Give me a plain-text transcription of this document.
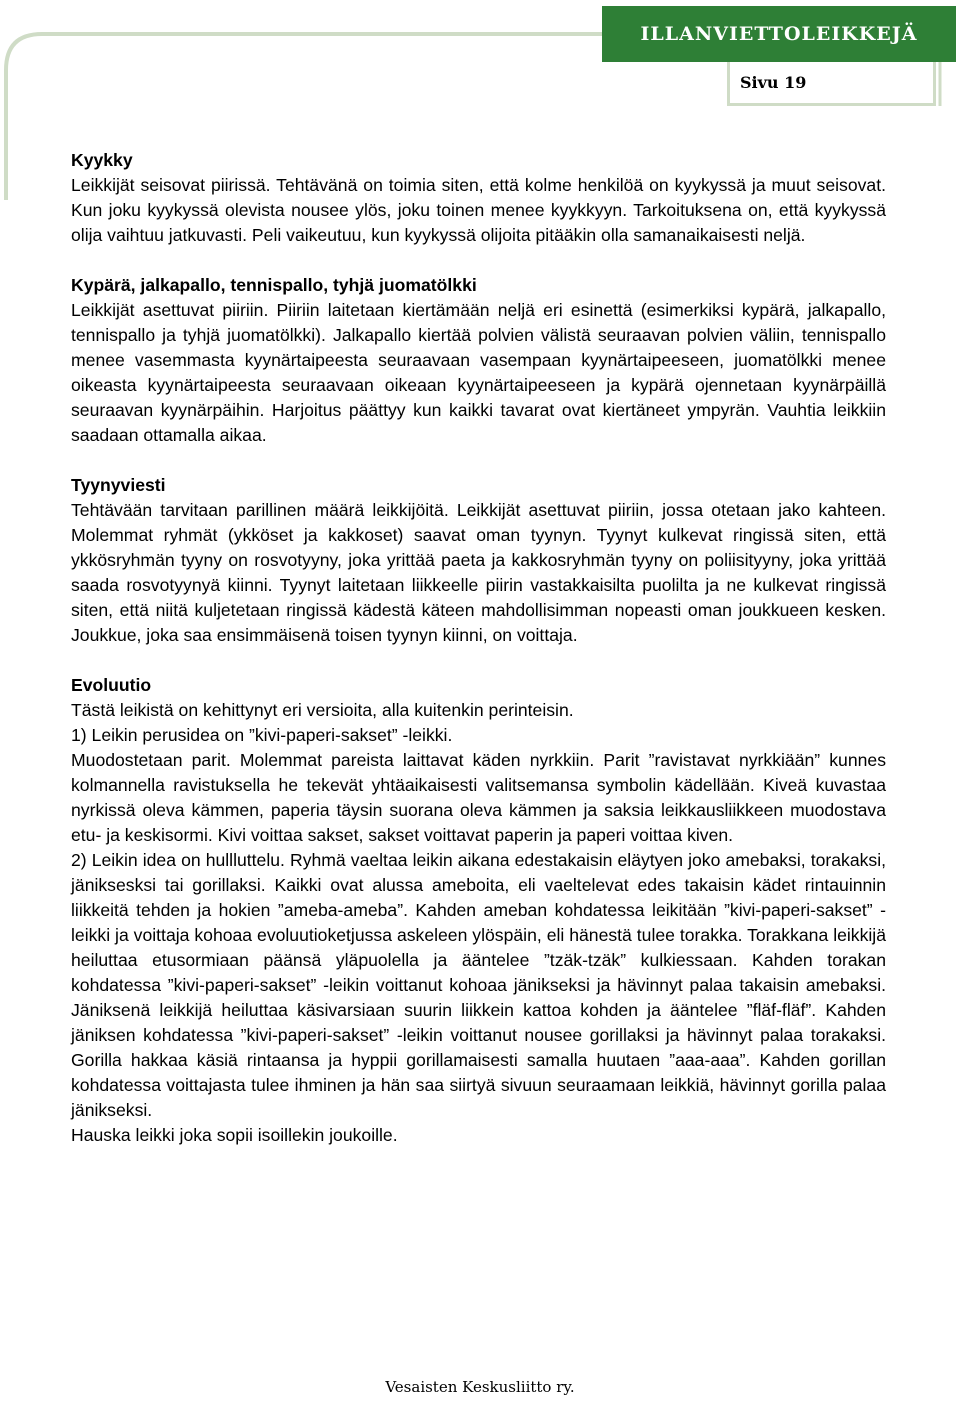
ILLANVIETTOLEIKKEJÄ
Sivu 19
Kyykky

Leikkijät seisovat piirissä. Tehtävänä on toimia siten, että kolme henkilöä on kyykyssä ja muut seisovat. Kun joku kyykyssä olevista nousee ylös, joku toinen menee kyykkyyn. Tarkoituksena on, että kyykyssä olija vaihtuu jatkuvasti. Peli vaikeutuu, kun kyykyssä olijoita pitääkin olla samanaikaisesti neljä.

Kypärä, jalkapallo, tennispallo, tyhjä juomatölkki

Leikkijät asettuvat piiriin. Piiriin laitetaan kiertämään neljä eri esinettä (esimerkiksi kypärä, jalkapallo, tennispallo ja tyhjä juomatölkki). Jalkapallo kiertää polvien välistä seuraavan polvien väliin, tennispallo menee vasemmasta kyynärtaipeesta seuraavaan vasempaan kyynärtaipeeseen, juomatölkki menee oikeasta kyynärtaipeesta seuraavaan oikeaan kyynärtaipeeseen ja kypärä ojennetaan kyynärpäillä seuraavan kyynärpäihin. Harjoitus päättyy kun kaikki tavarat ovat kiertäneet ympyrän. Vauhtia leikkiin saadaan ottamalla aikaa.

Tyynyviesti

Tehtävään tarvitaan parillinen määrä leikkijöitä. Leikkijät asettuvat piiriin, jossa otetaan jako kahteen. Molemmat ryhmät (ykköset ja kakkoset) saavat oman tyynyn. Tyynyt kulkevat ringissä siten, että ykkösryhmän tyyny on rosvotyyny, joka yrittää paeta ja kakkosryhmän tyyny on poliisityyny, joka yrittää saada rosvotyynyä kiinni. Tyynyt laitetaan liikkeelle piirin vastakkaisilta puolilta ja ne kulkevat ringissä siten, että niitä kuljetetaan ringissä kädestä käteen mahdollisimman nopeasti oman joukkueen kesken. Joukkue, joka saa ensimmäisenä toisen tyynyn kiinni, on voittaja.

Evoluutio

Tästä leikistä on kehittynyt eri versioita, alla kuitenkin perinteisin.

1) Leikin perusidea on ”kivi-paperi-sakset” -leikki.

Muodostetaan parit. Molemmat pareista laittavat käden nyrkkiin. Parit ”ravistavat nyrkkiään” kunnes kolmannella ravistuksella he tekevät yhtäaikaisesti valitsemansa symbolin kädellään. Kiveä kuvastaa nyrkissä oleva kämmen, paperia täysin suorana oleva kämmen ja saksia leikkausliikkeen muodostava etu- ja keskisormi. Kivi voittaa sakset, sakset voittavat paperin ja paperi voittaa kiven.

2) Leikin idea on hullluttelu. Ryhmä vaeltaa leikin aikana edestakaisin eläytyen joko amebaksi, torakaksi, jäniksesksi tai gorillaksi. Kaikki ovat alussa ameboita, eli vaeltelevat edes takaisin kädet rintauinnin liikkeitä tehden ja hokien ”ameba-ameba”. Kahden ameban kohdatessa leikitään ”kivi-paperi-sakset” -leikki ja voittaja kohoaa evoluutioketjussa askeleen ylöspäin, eli hänestä tulee torakka. Torakkana leikkijä heiluttaa etusormiaan päänsä yläpuolella ja ääntelee ”tzäk-tzäk” kulkiessaan. Kahden torakan kohdatessa ”kivi-paperi-sakset” -leikin voittanut kohoaa jänikseksi ja hävinnyt palaa takaisin amebaksi. Jäniksenä leikkijä heiluttaa käsivarsiaan suurin liikkein kattoa kohden ja ääntelee ”fläf-fläf”. Kahden jäniksen kohdatessa ”kivi-paperi-sakset” -leikin voittanut nousee gorillaksi ja hävinnyt palaa torakaksi. Gorilla hakkaa käsiä rintaansa ja hyppii gorillamaisesti samalla huutaen ”aaa-aaa”. Kahden gorillan kohdatessa voittajasta tulee ihminen ja hän saa siirtyä sivuun seuraamaan leikkiä, hävinnyt gorilla palaa jänikseksi.

Hauska leikki joka sopii isoillekin joukoille.

Vesaisten Keskusliitto ry.
